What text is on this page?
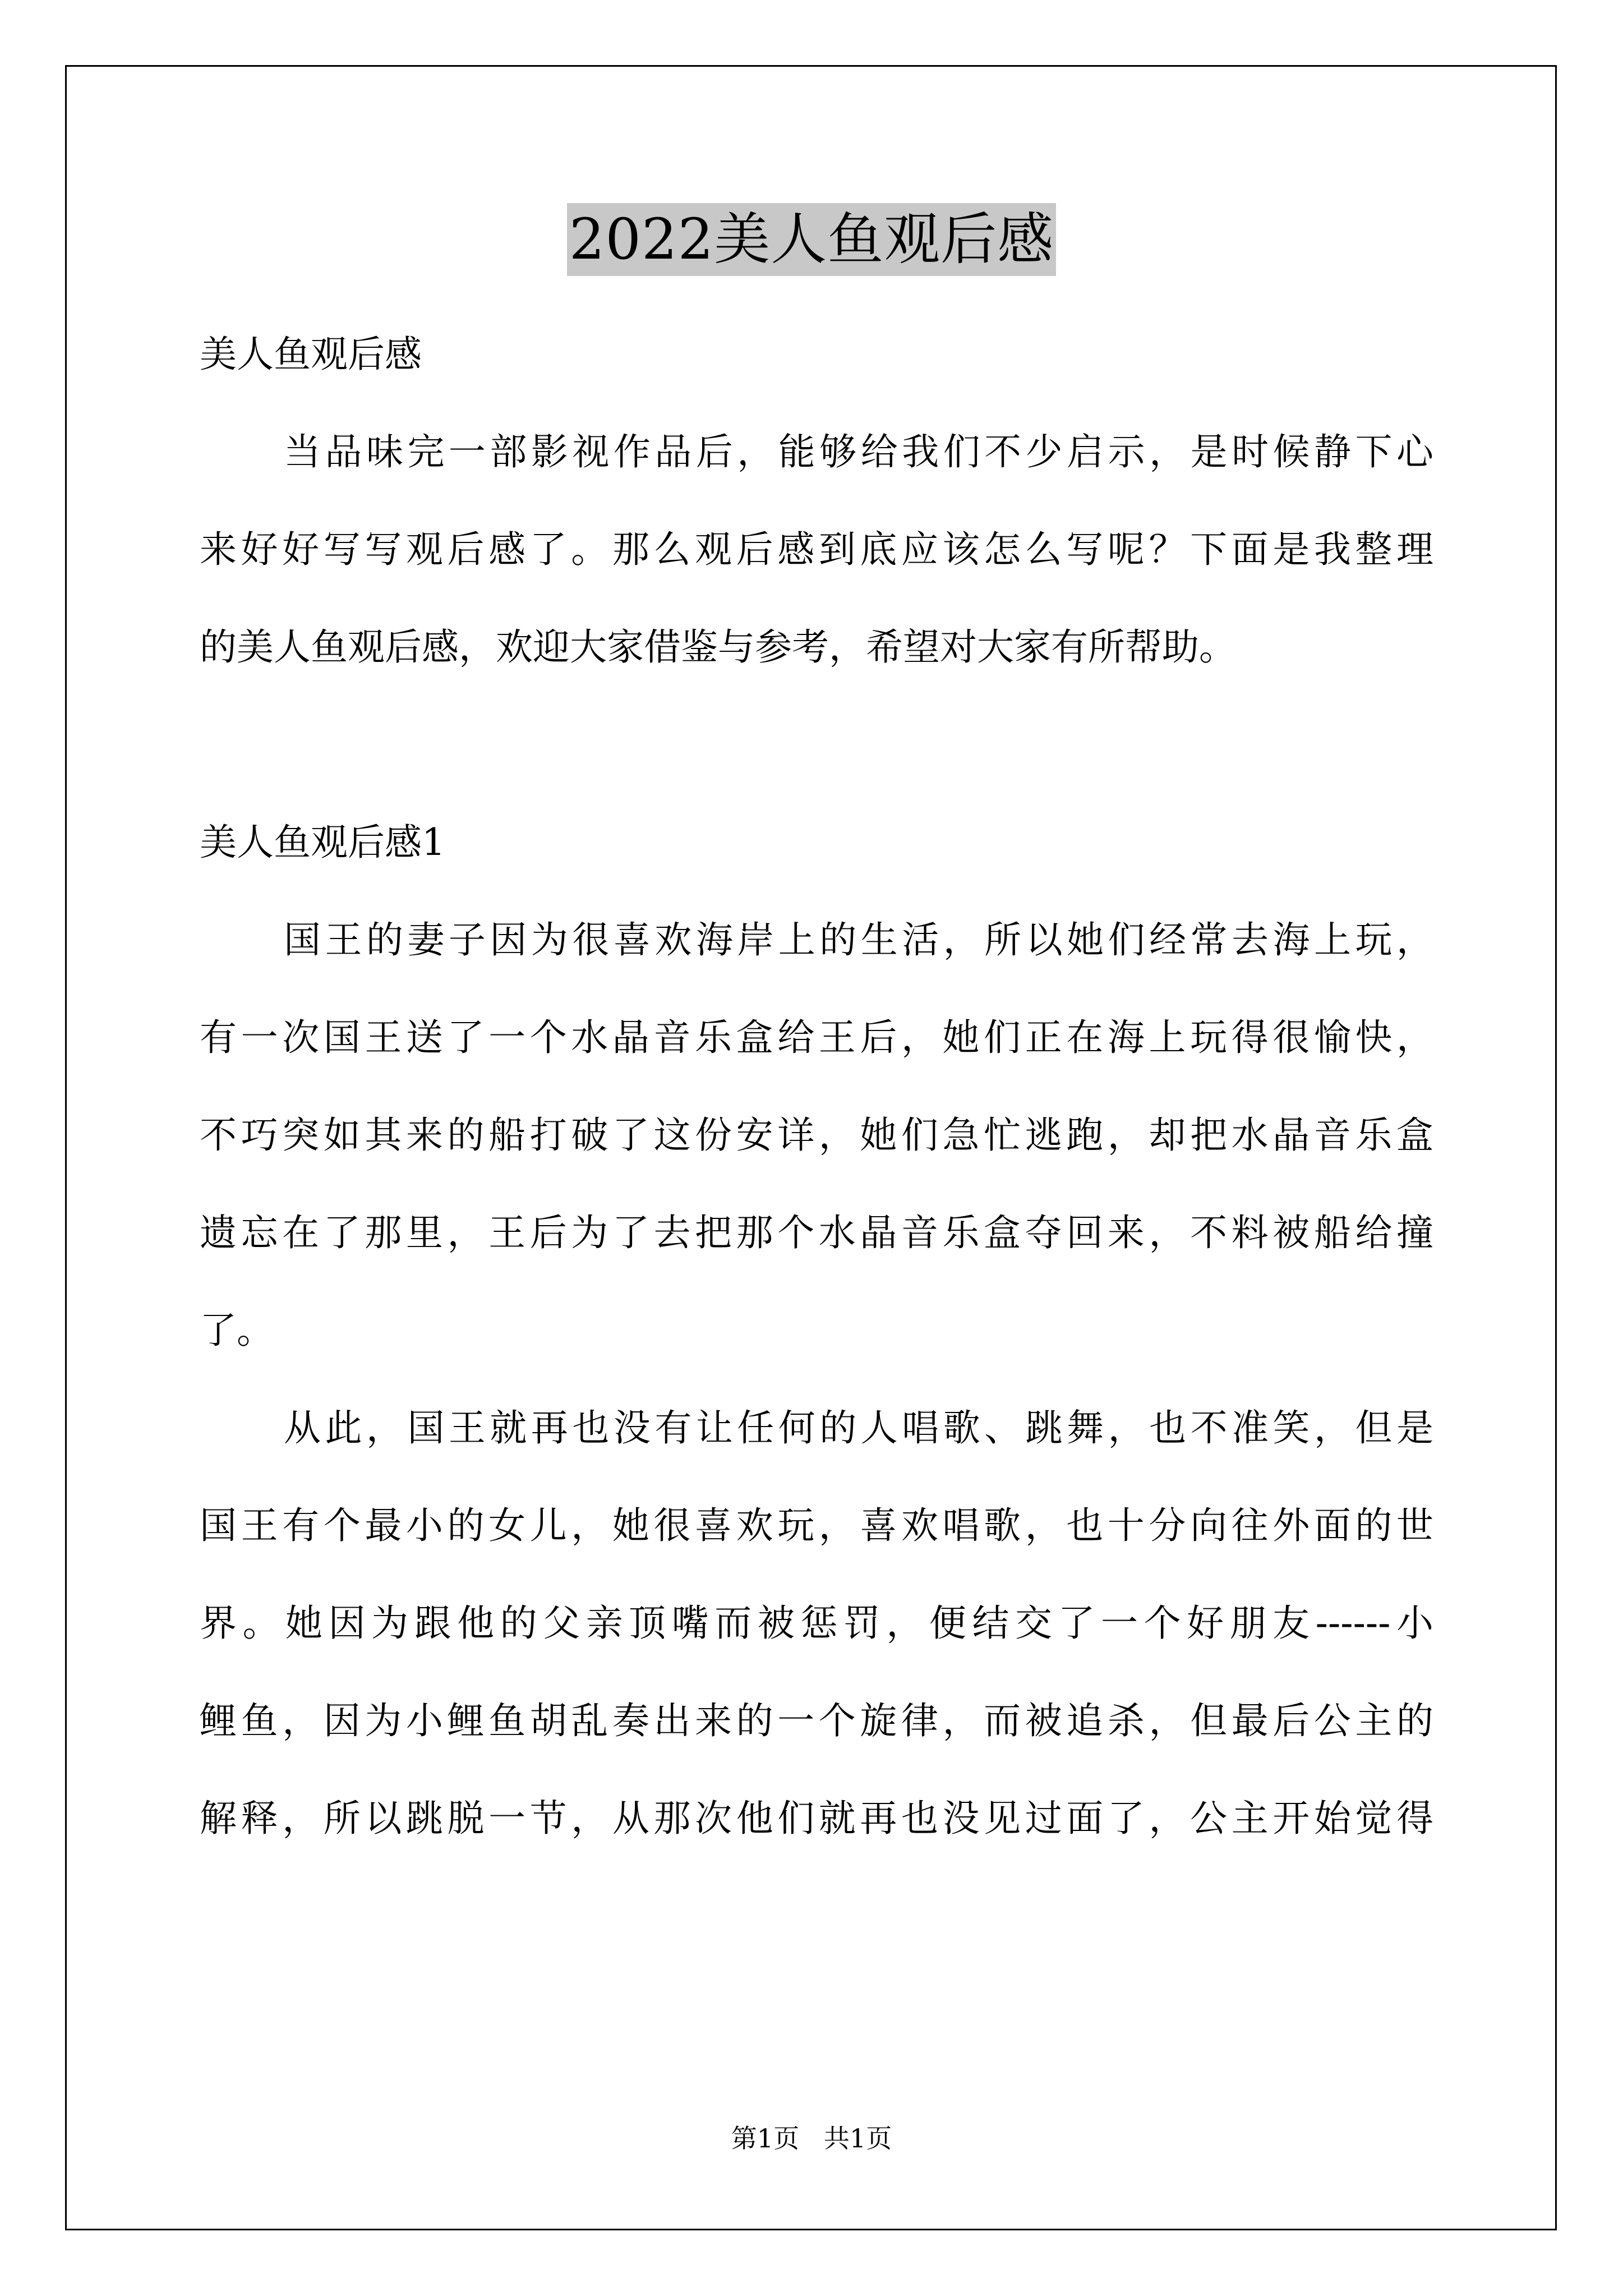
2022美人鱼观后感
美人鱼观后感
当品味完一部影视作品后，能够给我们不少启示，是时候静下心
来好好写写观后感了。那么观后感到底应该怎么写呢？下面是我整理
的美人鱼观后感，欢迎大家借鉴与参考，希望对大家有所帮助。
美人鱼观后感1
国王的妻子因为很喜欢海岸上的生活，所以她们经常去海上玩，
有一次国王送了一个水晶音乐盒给王后，她们正在海上玩得很愉快，
不巧突如其来的船打破了这份安详，她们急忙逃跑，却把水晶音乐盒
遗忘在了那里，王后为了去把那个水晶音乐盒夺回来，不料被船给撞
了。
从此，国王就再也没有让任何的人唱歌、跳舞，也不准笑，但是
国王有个最小的女儿，她很喜欢玩，喜欢唱歌，也十分向往外面的世
界。她因为跟他的父亲顶嘴而被惩罚，便结交了一个好朋友------小
鲤鱼，因为小鲤鱼胡乱奏出来的一个旋律，而被追杀，但最后公主的
解释，所以跳脱一节，从那次他们就再也没见过面了，公主开始觉得
第1页   共1页
